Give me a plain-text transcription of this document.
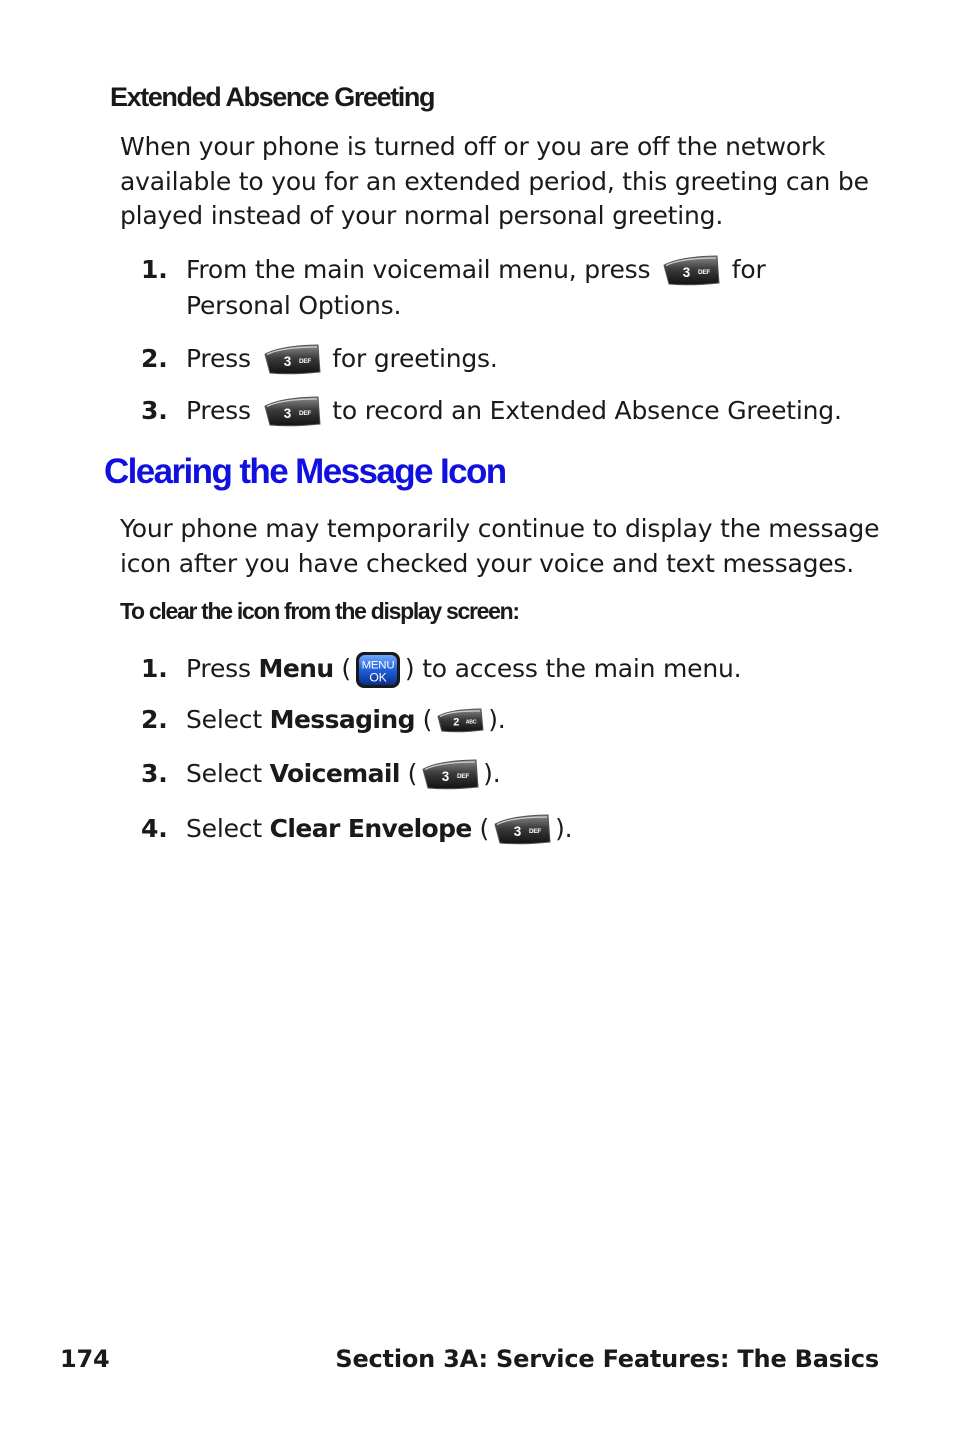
Extended Absence Greeting
When your phone is turned off or you are off the network available to you for an extended period, this greeting can be played instead of your normal personal greeting.
1. From the main voicemail menu, press 3 DEF for
Personal Options.
2. Press 3 DEF for greetings.
3. Press 3 DEF to record an Extended Absence Greeting.
Clearing the Message Icon
Your phone may temporarily continue to display the message icon after you have checked your voice and text messages.
To clear the icon from the display screen:
1. Press Menu ( MENU
OK ) to access the main menu.
2. Select Messaging ( 2 ABC ).
3. Select Voicemail ( 3 DEF ).
4. Select Clear Envelope ( 3 DEF ).
174	Section 3A: Service Features: The Basics
